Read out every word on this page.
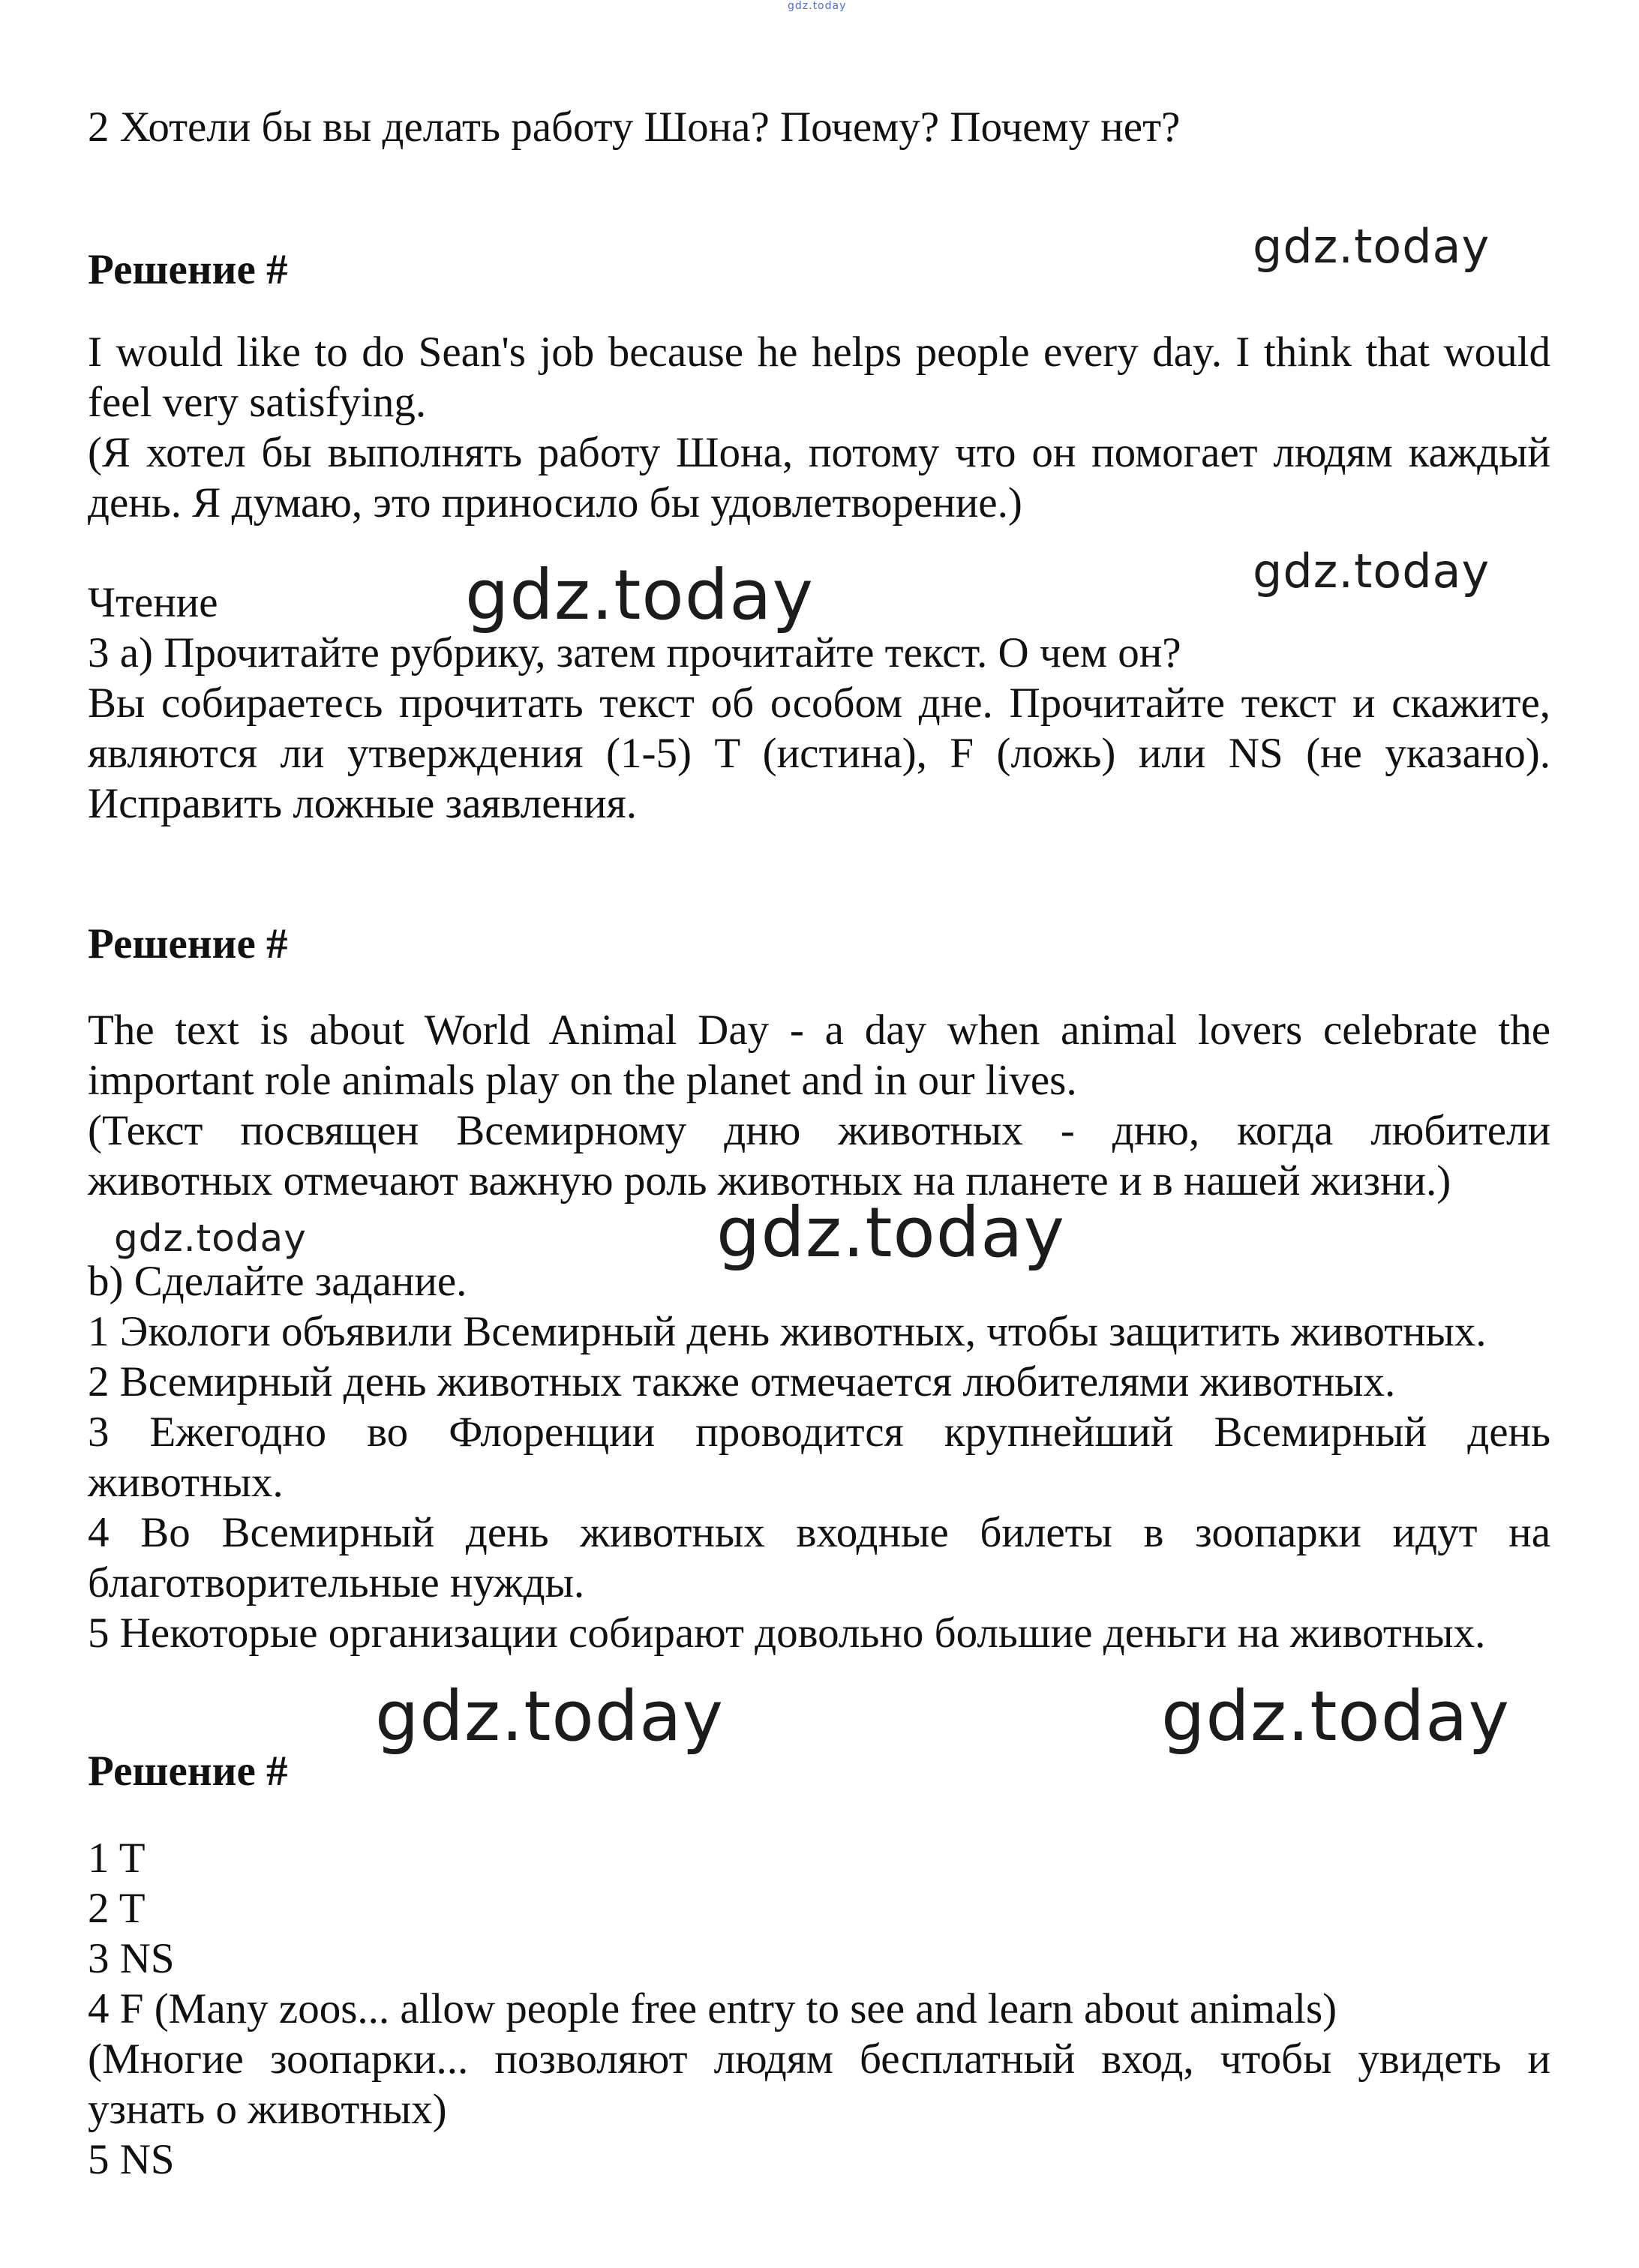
gdz.today
2 Хотели бы вы делать работу Шона? Почему? Почему нет?
Решение #	gdz.today
I would like to do Sean's job because he helps people every day. I think that would
feel very satisfying.
(Я хотел бы выполнять работу Шона, потому что он помогает людям каждый
день. Я думаю, это приносило бы удовлетворение.)
Чтение	gdz.today	gdz.today
3 а) Прочитайте рубрику, затем прочитайте текст. О чем он?
Вы собираетесь прочитать текст об особом дне. Прочитайте текст и скажите,
являются ли утверждения (1-5) T (истина), F (ложь) или NS (не указано).
Исправить ложные заявления.
Решение #
The text is about World Animal Day - a day when animal lovers celebrate the
important role animals play on the planet and in our lives.
(Текст посвящен Всемирному дню животных - дню, когда любители
животных отмечают важную роль животных на планете и в нашей жизни.)
gdz.today	gdz.today
b) Сделайте задание.
1 Экологи объявили Всемирный день животных, чтобы защитить животных.
2 Всемирный день животных также отмечается любителями животных.
3 Ежегодно во Флоренции проводится крупнейший Всемирный день
животных.
4 Во Всемирный день животных входные билеты в зоопарки идут на
благотворительные нужды.
5 Некоторые организации собирают довольно большие деньги на животных.
gdz.today	gdz.today
Решение #
1 T
2 T
3 NS
4 F (Many zoos... allow people free entry to see and learn about animals)
(Многие зоопарки... позволяют людям бесплатный вход, чтобы увидеть и
узнать о животных)
5 NS
